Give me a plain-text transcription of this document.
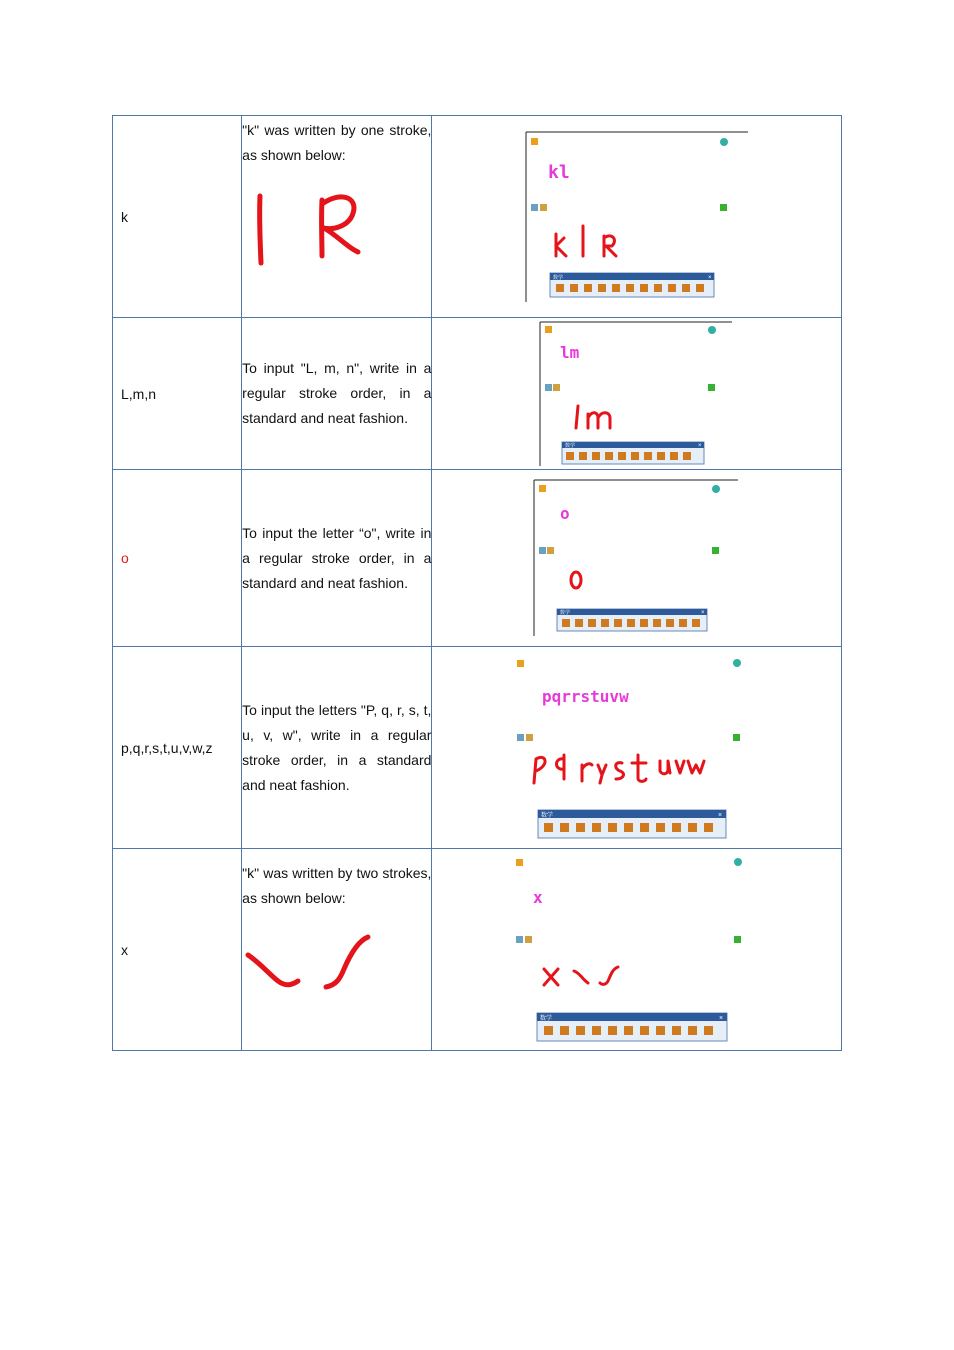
k	"k" was written by one stroke, as shown below:	kl
数学 ×

L,m,n	To input "L, m, n", write in a regular stroke order, in a standard and neat fashion.	lm
数学 ×

o	To input the letter “o", write in a regular stroke order, in a standard and neat fashion.	o
数学 ×

p,q,r,s,t,u,v,w,z	To input the letters "P, q, r, s, t, u, v, w", write in a regular stroke order, in a standard and neat fashion.	pqrrstuvw
数学 ×

x	"k" was written by two strokes, as shown below:	x
数学 ×
